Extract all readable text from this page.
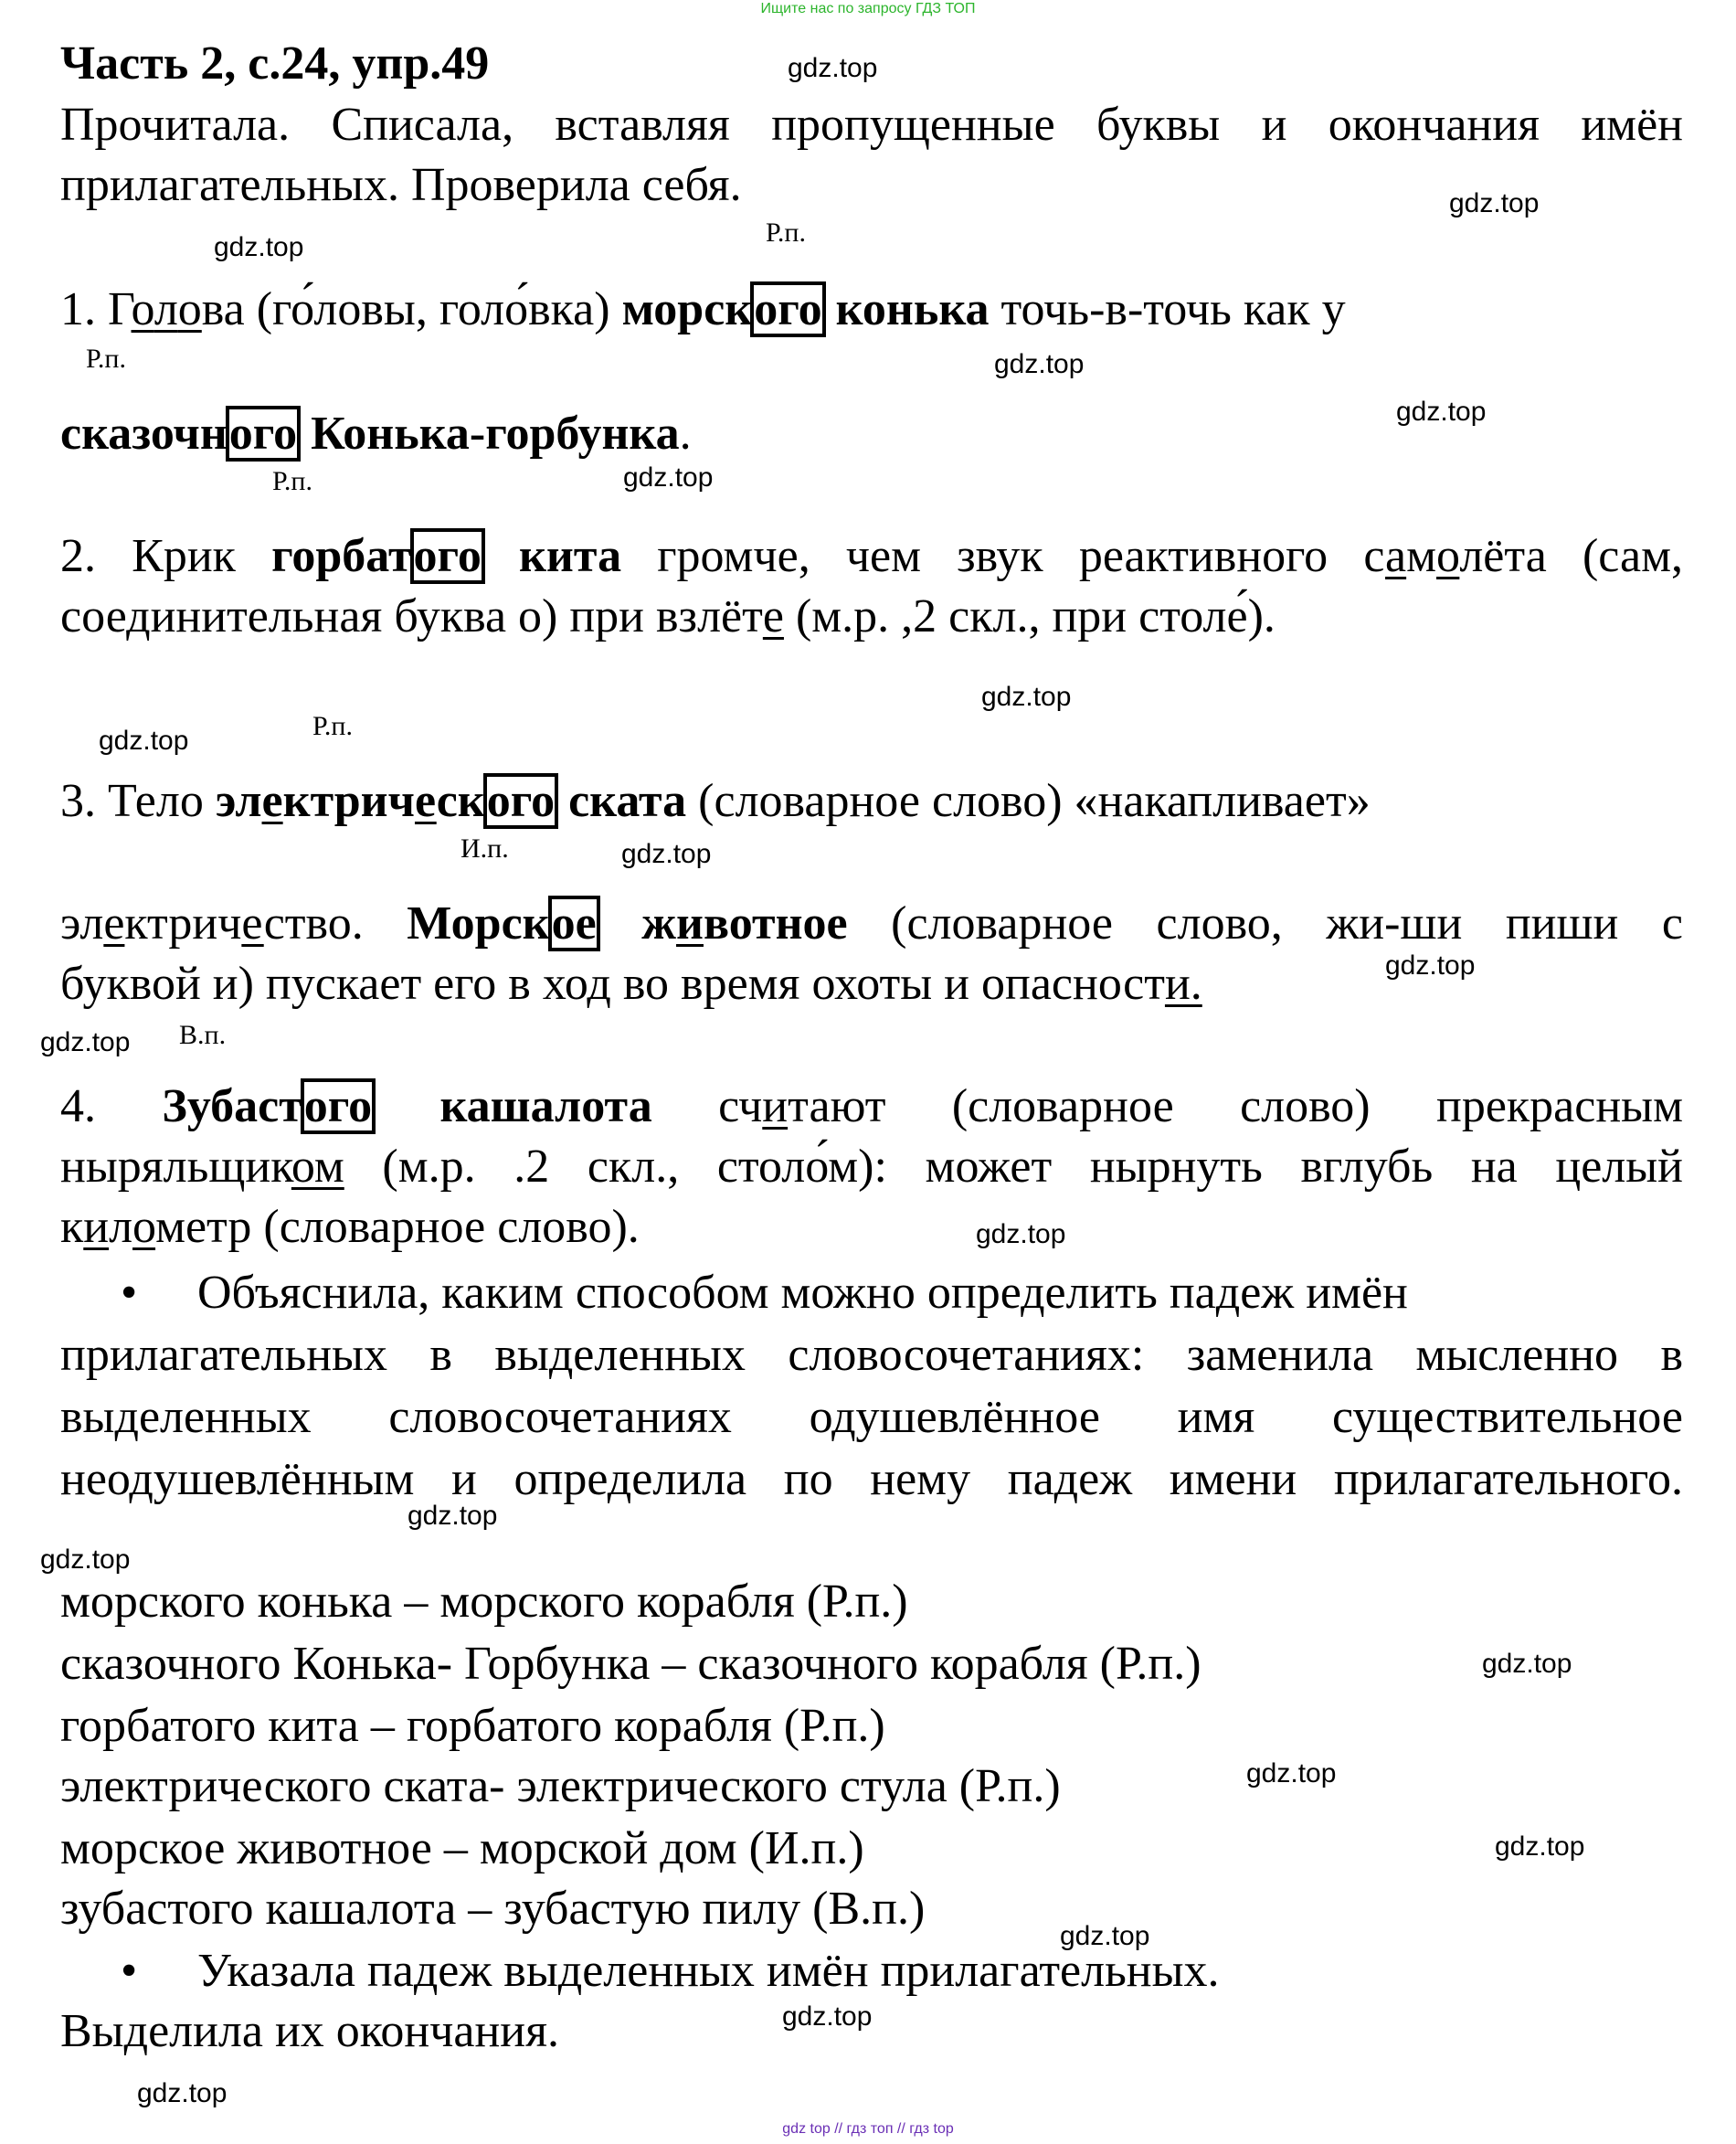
Ищите нас по запросу ГДЗ ТОП
Часть 2, с.24, упр.49
Прочитала. Списала, вставляя пропущенные буквы и окончания имён
прилагательных. Проверила себя.
1. Голова (го́ловы, голо́вка) морского конька точь-в-точь как у
сказочного Конька-горбунка.
2. Крик горбатого кита громче, чем звук реактивного самолёта (сам,
соединительная буква о) при взлёте (м.р. ,2 скл., при столе́).
3. Тело электрического ската (словарное слово) «накапливает»
электричество. Морское животное (словарное слово, жи-ши пиши с
буквой и) пускает его в ход во время охоты и опасности.
4. Зубастого кашалота считают (словарное слово) прекрасным
ныряльщиком (м.р. .2 скл., столо́м): может нырнуть вглубь на целый
километр (словарное слово).
• Объяснила, каким способом можно определить падеж имён
прилагательных в выделенных словосочетаниях: заменила мысленно в
выделенных словосочетаниях одушевлённое имя существительное
неодушевлённым и определила по нему падеж имени прилагательного.
морского конька – морского корабля (Р.п.)
сказочного Конька- Горбунка – сказочного корабля (Р.п.)
горбатого кита – горбатого корабля (Р.п.)
электрического ската- электрического стула (Р.п.)
морское животное – морской дом (И.п.)
зубастого кашалота – зубастую пилу (В.п.)
• Указала падеж выделенных имён прилагательных.
Выделила их окончания.
Р.п.
Р.п.
Р.п.
Р.п.
И.п.
В.п.
gdz.top
gdz.top
gdz.top
gdz.top
gdz.top
gdz.top
gdz.top
gdz.top
gdz.top
gdz.top
gdz.top
gdz.top
gdz.top
gdz.top
gdz.top
gdz.top
gdz.top
gdz.top
gdz.top
gdz.top
gdz top // гдз топ // гдз top
